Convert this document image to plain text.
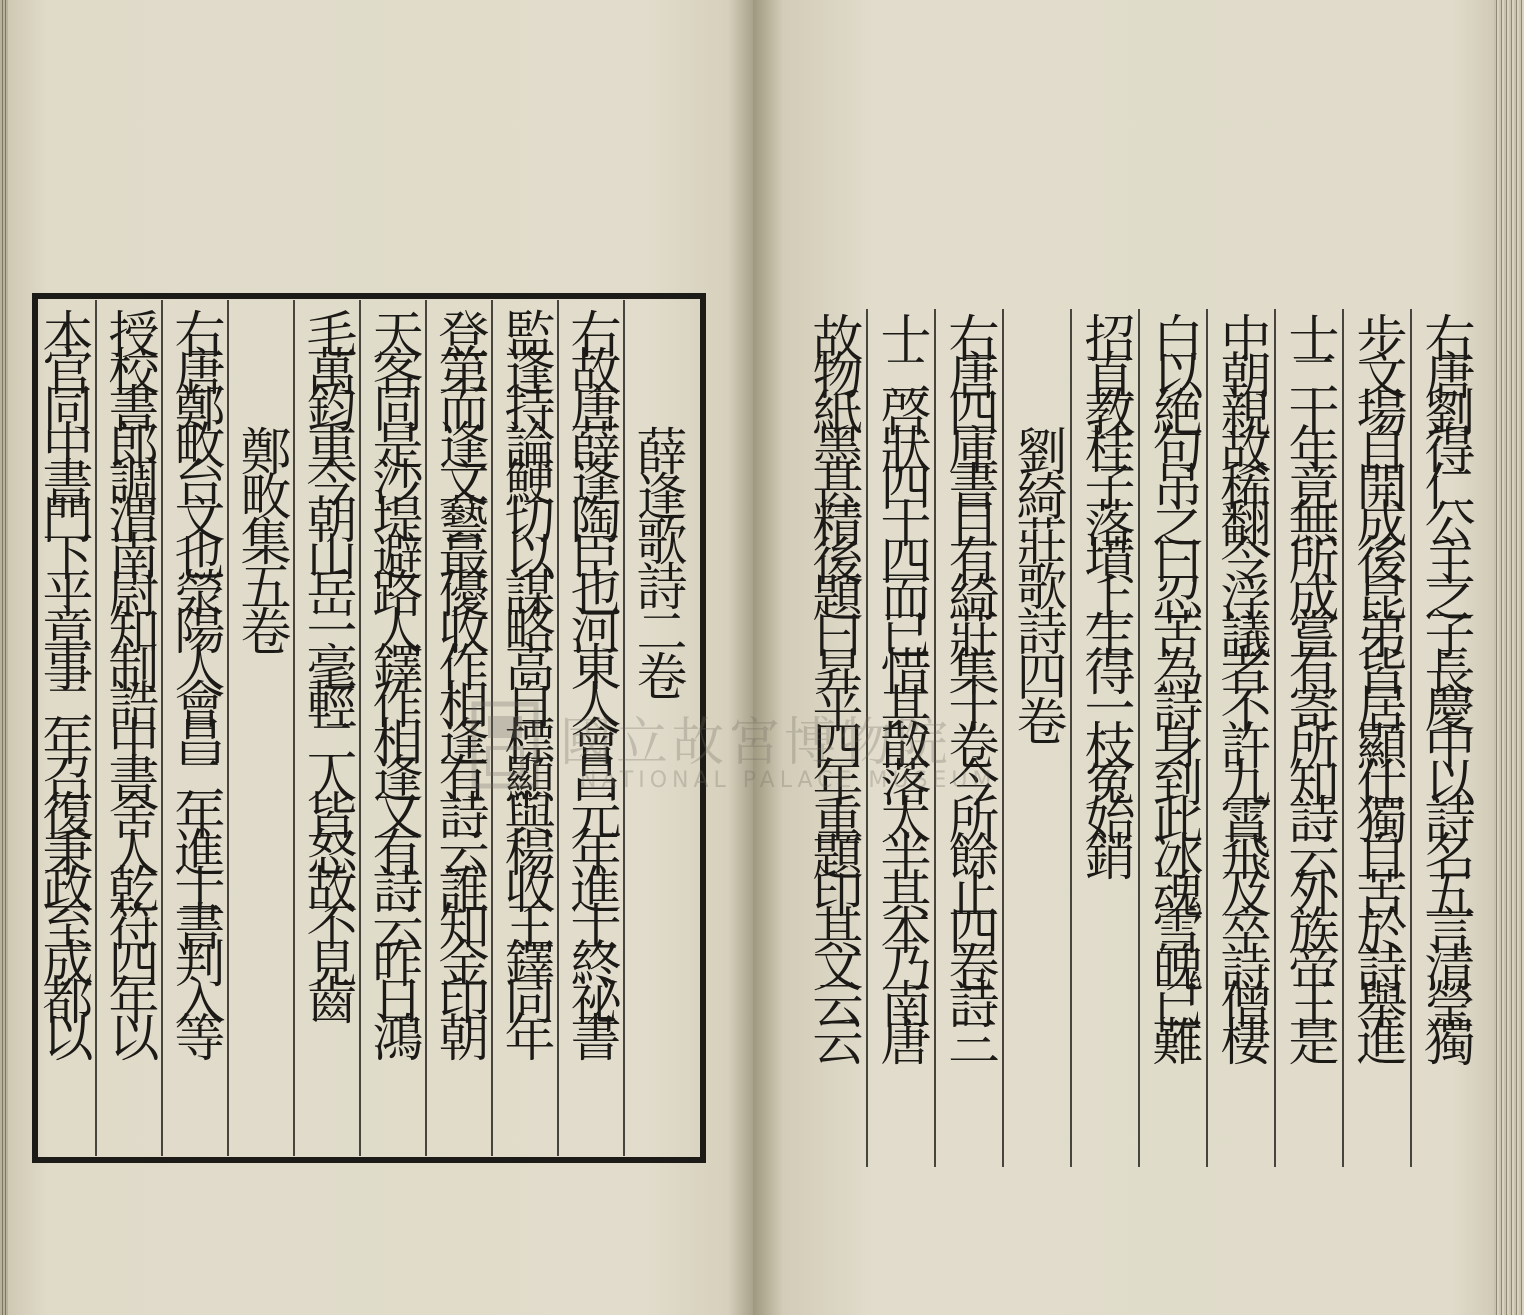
薛逢歌詩二卷
右故唐薛逢陶臣也河東人會昌元年進士終祕書
監逢持論鯁切以謀略高自標顯與楊收王鐸同年
登第而逢文藝最優收作相逢有詩云誰知金印朝
天客同是沙堤避路人鐸作相逢又有詩云昨日鴻
毛萬鈞重今朝山岳一毫輕二人皆怒故不見齒
鄭畋集五卷
右唐鄭畋台文也滎陽人會昌二年進士書判入等
授校書郎調渭南尉知制誥中書舍人乾符四年以
本官同中書門下平章事二年召復秉政至成都以	右唐劉得仁公主之子長慶中以詩名五言清瑩獨
步文場自開成後昆弟皆居顯仕獨自苦於詩舉進
士二十年竟無所成嘗有寄所知詩云外族帝王是
中朝親故稀翻令浮議者不許九霄飛及卒詩僧棲
白以絶句吊之曰忍苦為詩身到此冰魂雪魄已難
招直教桂子落墳上生得一枝寃始銷
劉綺莊歌詩四卷
右唐四庫書目有綺莊集十卷今所餘止四卷詩三
十二啓狀四十四而已惜其散落太半其本乃南唐
故物紙墨甚精後題曰昇平四年重題印其文云云
國立故宮博物院
NATIONAL PALACE MUSEUM
